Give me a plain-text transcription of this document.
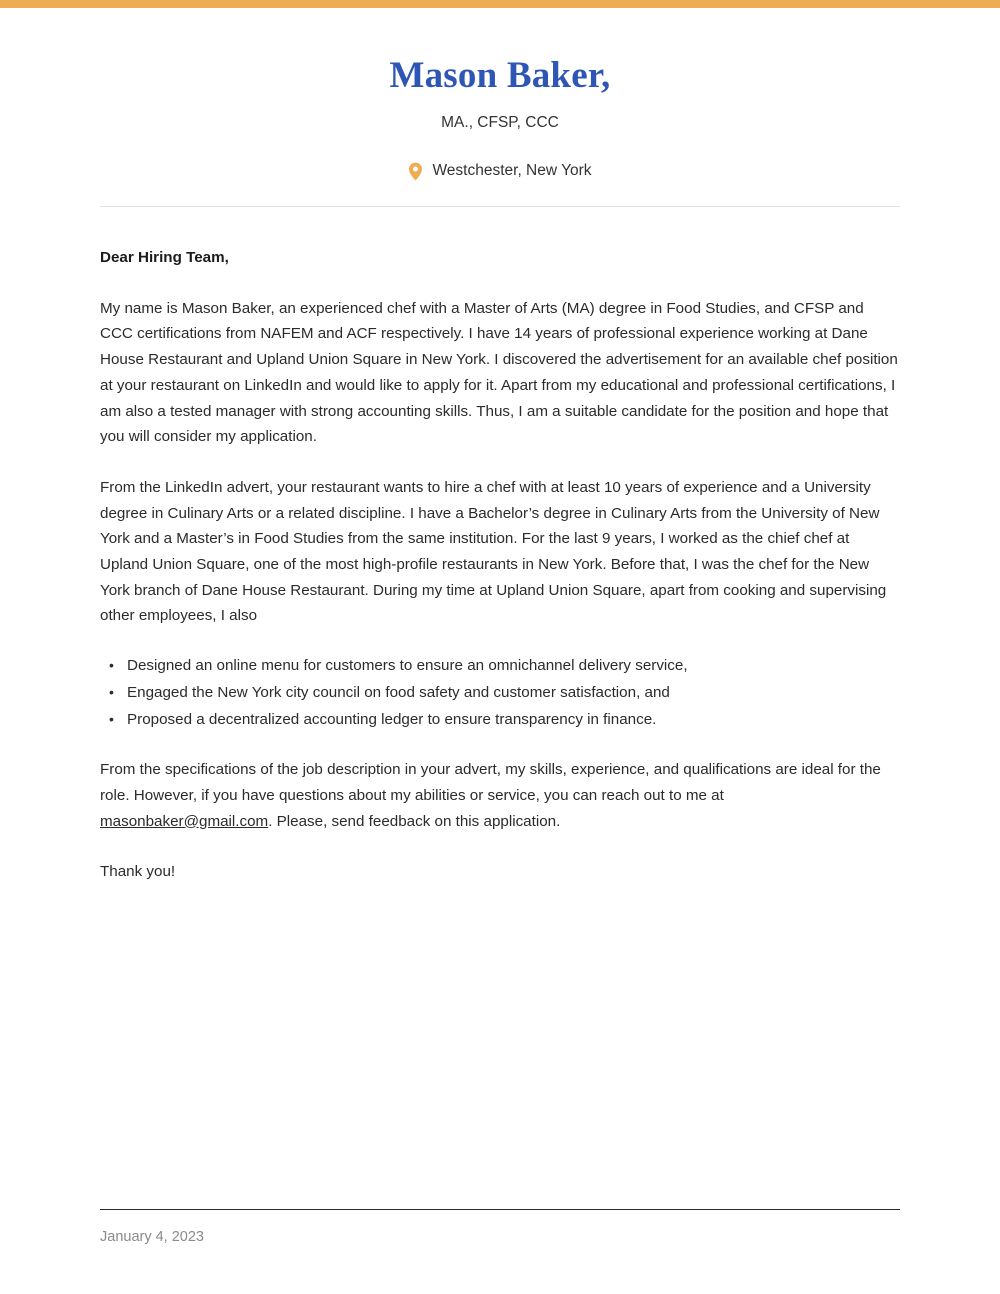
Mason Baker,
MA., CFSP, CCC
Westchester, New York

Dear Hiring Team,

My name is Mason Baker, an experienced chef with a Master of Arts (MA) degree in Food Studies, and CFSP and CCC certifications from NAFEM and ACF respectively. I have 14 years of professional experience working at Dane House Restaurant and Upland Union Square in New York. I discovered the advertisement for an available chef position at your restaurant on LinkedIn and would like to apply for it. Apart from my educational and professional certifications, I am also a tested manager with strong accounting skills. Thus, I am a suitable candidate for the position and hope that you will consider my application.

From the LinkedIn advert, your restaurant wants to hire a chef with at least 10 years of experience and a University degree in Culinary Arts or a related discipline. I have a Bachelor’s degree in Culinary Arts from the University of New York and a Master’s in Food Studies from the same institution. For the last 9 years, I worked as the chief chef at Upland Union Square, one of the most high-profile restaurants in New York. Before that, I was the chef for the New York branch of Dane House Restaurant. During my time at Upland Union Square, apart from cooking and supervising other employees, I also

• Designed an online menu for customers to ensure an omnichannel delivery service,
• Engaged the New York city council on food safety and customer satisfaction, and
• Proposed a decentralized accounting ledger to ensure transparency in finance.

From the specifications of the job description in your advert, my skills, experience, and qualifications are ideal for the role. However, if you have questions about my abilities or service, you can reach out to me at masonbaker@gmail.com. Please, send feedback on this application.

Thank you!

January 4, 2023
